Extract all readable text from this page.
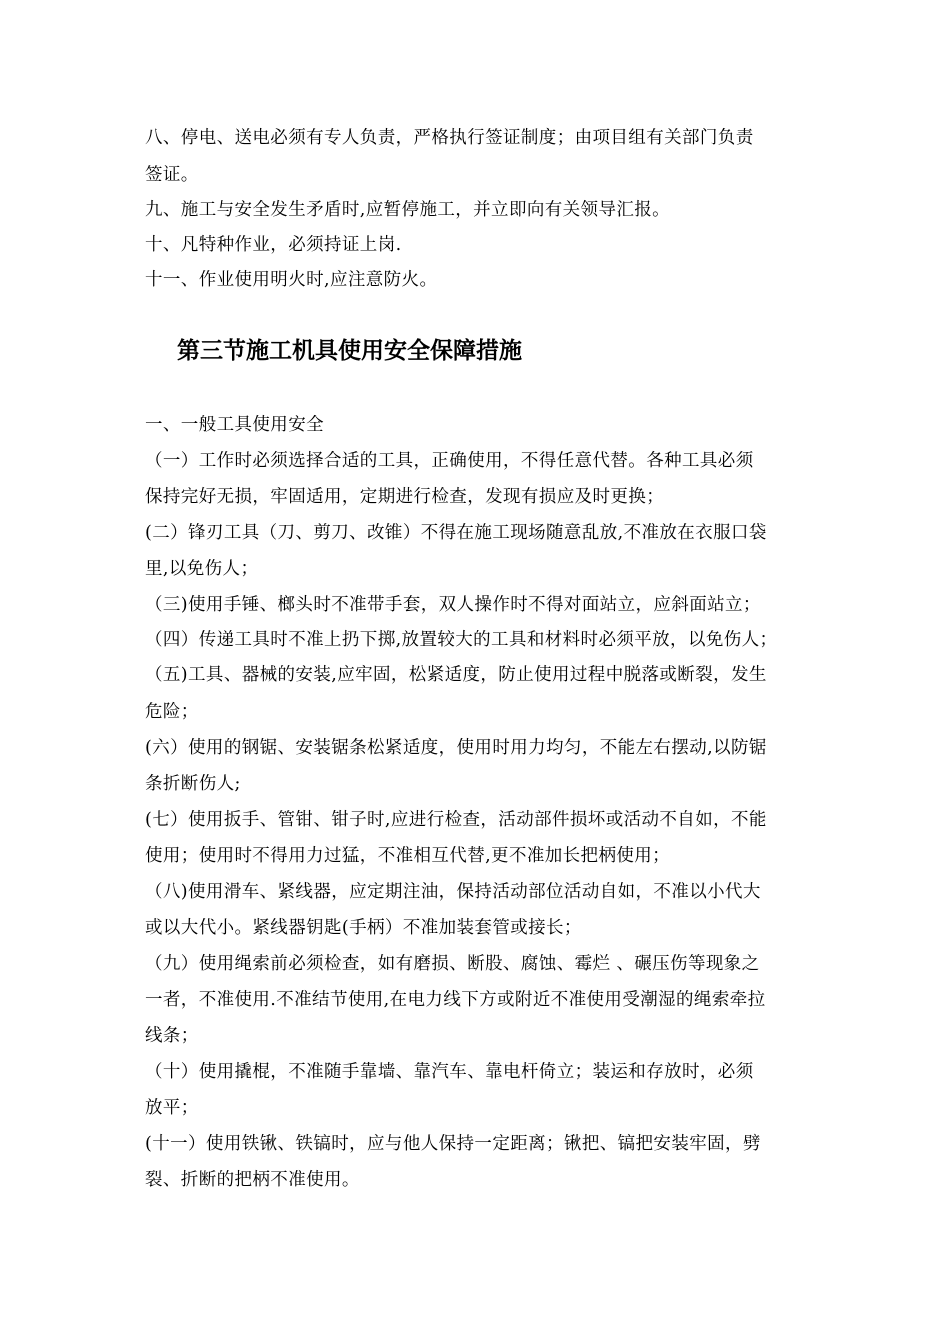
八、停电、送电必须有专人负责，严格执行签证制度；由项目组有关部门负责
签证。
九、施工与安全发生矛盾时,应暂停施工，并立即向有关领导汇报。
十、凡特种作业，必须持证上岗.
十一、作业使用明火时,应注意防火。
第三节施工机具使用安全保障措施
一、一般工具使用安全
（一）工作时必须选择合适的工具，正确使用，不得任意代替。各种工具必须
保持完好无损，牢固适用，定期进行检查，发现有损应及时更换；
(二）锋刃工具（刀、剪刀、改锥）不得在施工现场随意乱放,不准放在衣服口袋
里,以免伤人；
（三)使用手锤、榔头时不准带手套，双人操作时不得对面站立，应斜面站立；
（四）传递工具时不准上扔下掷,放置较大的工具和材料时必须平放，以免伤人；
（五)工具、器械的安装,应牢固，松紧适度，防止使用过程中脱落或断裂，发生
危险；
(六）使用的钢锯、安装锯条松紧适度，使用时用力均匀，不能左右摆动,以防锯
条折断伤人;
(七）使用扳手、管钳、钳子时,应进行检查，活动部件损坏或活动不自如，不能
使用；使用时不得用力过猛，不准相互代替,更不准加长把柄使用；
（八)使用滑车、紧线器，应定期注油，保持活动部位活动自如，不准以小代大
或以大代小。紧线器钥匙(手柄）不准加装套管或接长；
（九）使用绳索前必须检查，如有磨损、断股、腐蚀、霉烂 、碾压伤等现象之
一者，不准使用.不准结节使用,在电力线下方或附近不准使用受潮湿的绳索牵拉
线条；
（十）使用撬棍，不准随手靠墙、靠汽车、靠电杆倚立；装运和存放时，必须
放平；
(十一）使用铁锹、铁镐时，应与他人保持一定距离；锹把、镐把安装牢固，劈
裂、折断的把柄不准使用。
